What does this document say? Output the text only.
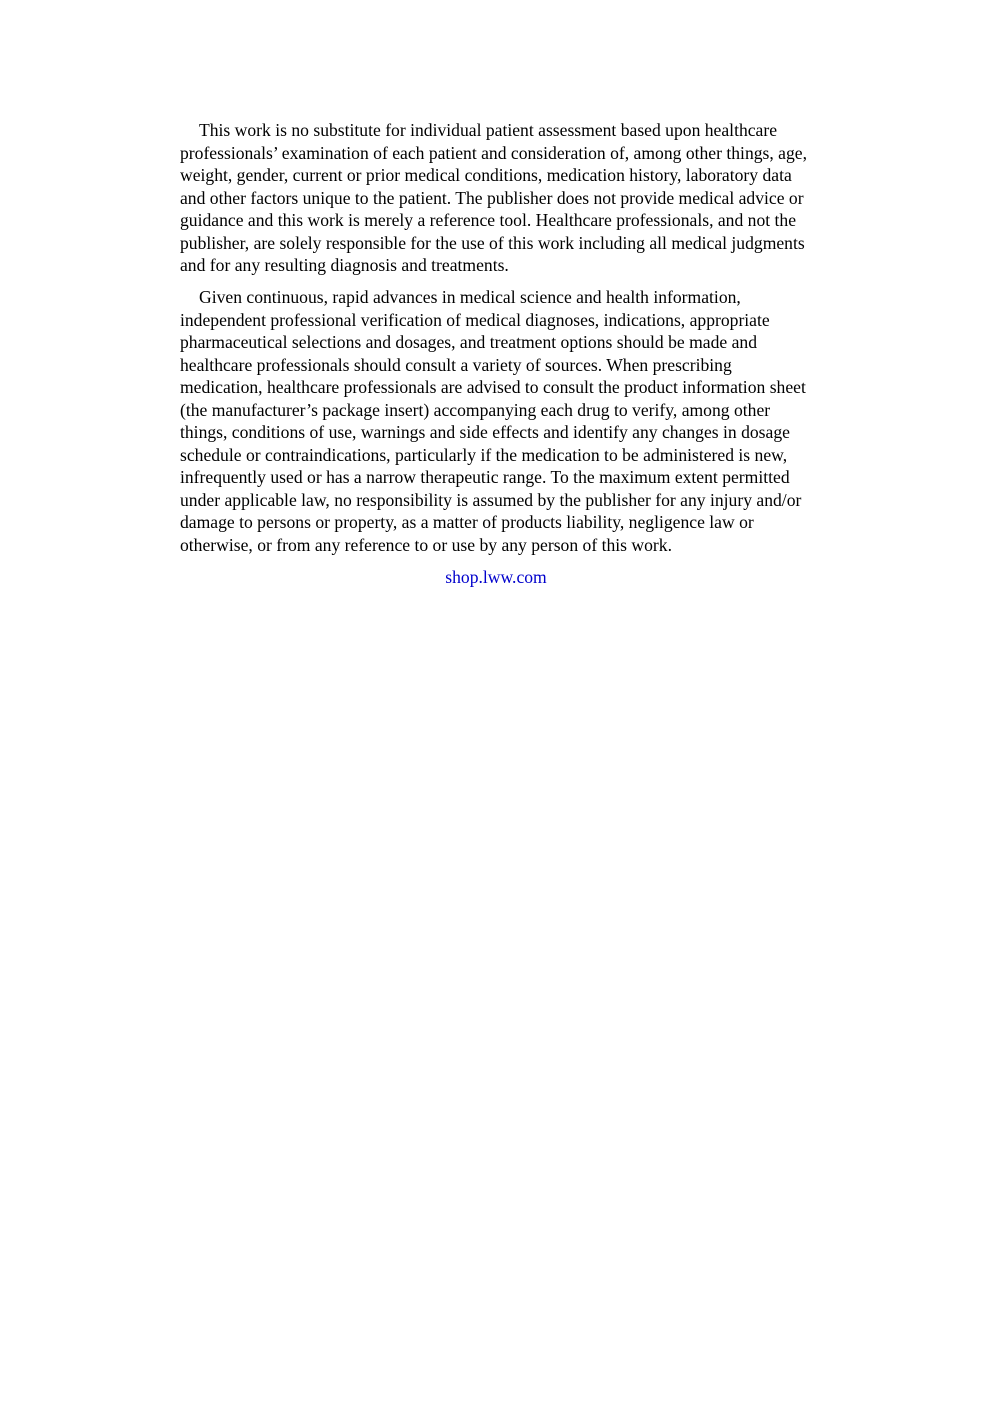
This work is no substitute for individual patient assessment based upon healthcare professionals’ examination of each patient and consideration of, among other things, age, weight, gender, current or prior medical conditions, medication history, laboratory data and other factors unique to the patient. The publisher does not provide medical advice or guidance and this work is merely a reference tool. Healthcare professionals, and not the publisher, are solely responsible for the use of this work including all medical judgments and for any resulting diagnosis and treatments.

Given continuous, rapid advances in medical science and health information, independent professional verification of medical diagnoses, indications, appropriate pharmaceutical selections and dosages, and treatment options should be made and healthcare professionals should consult a variety of sources. When prescribing medication, healthcare professionals are advised to consult the product information sheet (the manufacturer’s package insert) accompanying each drug to verify, among other things, conditions of use, warnings and side effects and identify any changes in dosage schedule or contraindications, particularly if the medication to be administered is new, infrequently used or has a narrow therapeutic range. To the maximum extent permitted under applicable law, no responsibility is assumed by the publisher for any injury and/or damage to persons or property, as a matter of products liability, negligence law or otherwise, or from any reference to or use by any person of this work.

shop.lww.com
